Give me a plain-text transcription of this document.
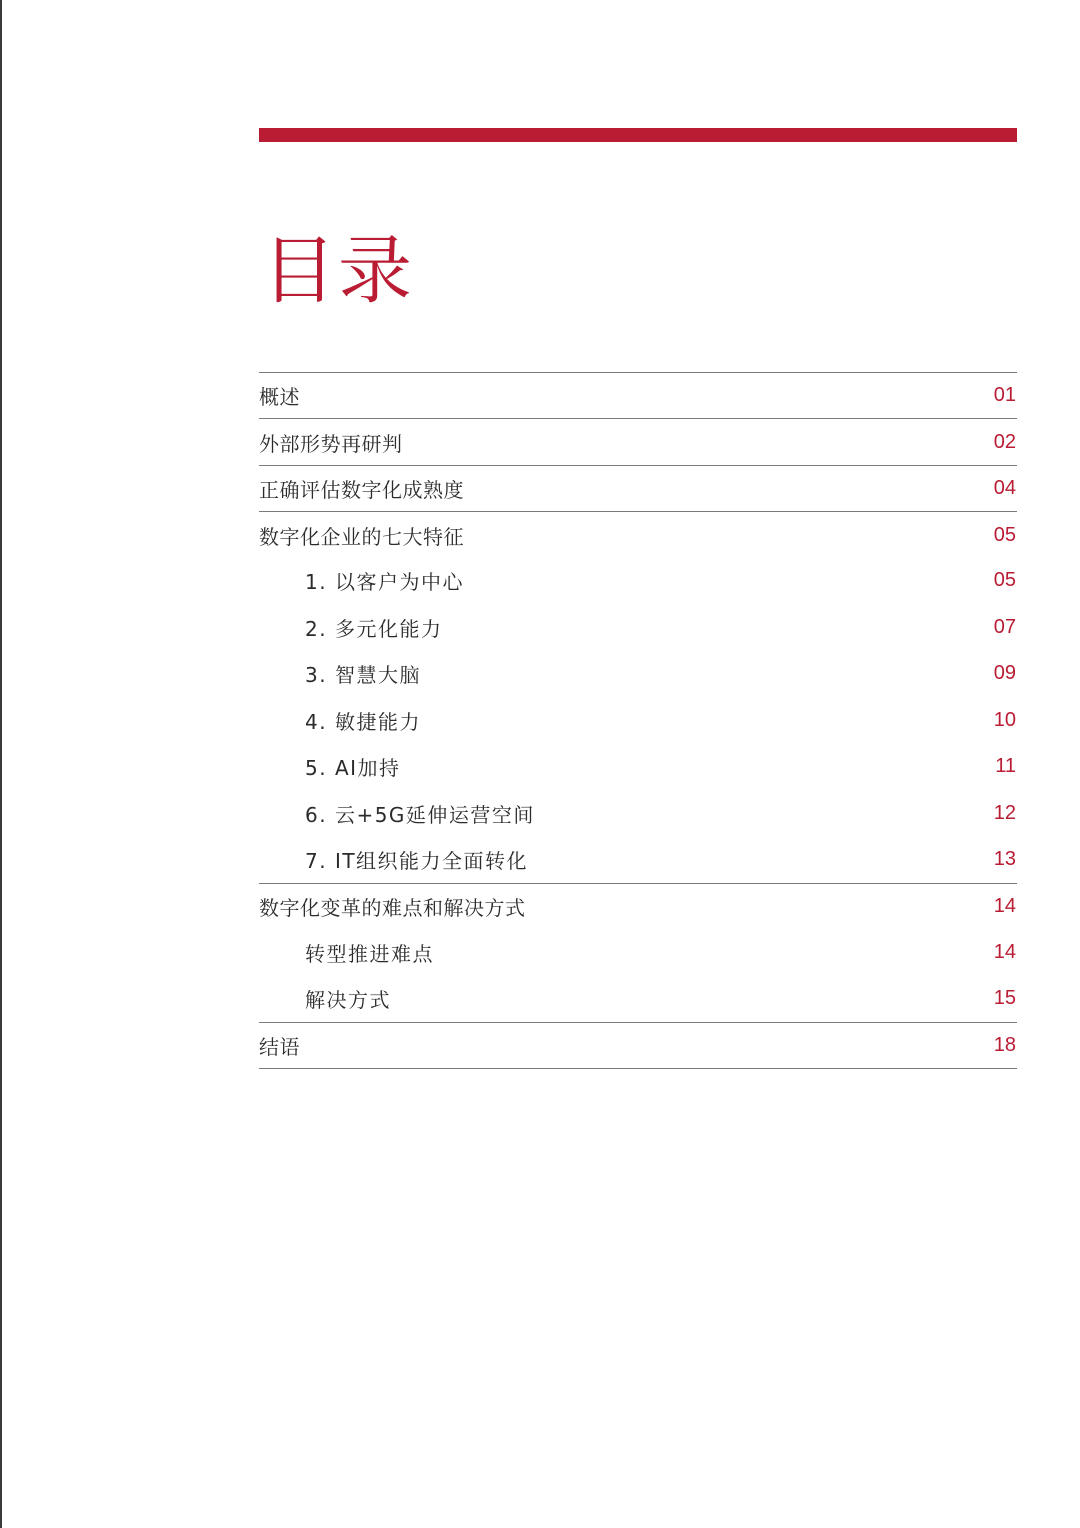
目录
概述	01
外部形势再研判	02
正确评估数字化成熟度	04
数字化企业的七大特征	05
1. 以客户为中心	05
2. 多元化能力	07
3. 智慧大脑	09
4. 敏捷能力	10
5. AI加持	11
6. 云+5G延伸运营空间	12
7. IT组织能力全面转化	13
数字化变革的难点和解决方式	14
转型推进难点	14
解决方式	15
结语	18
